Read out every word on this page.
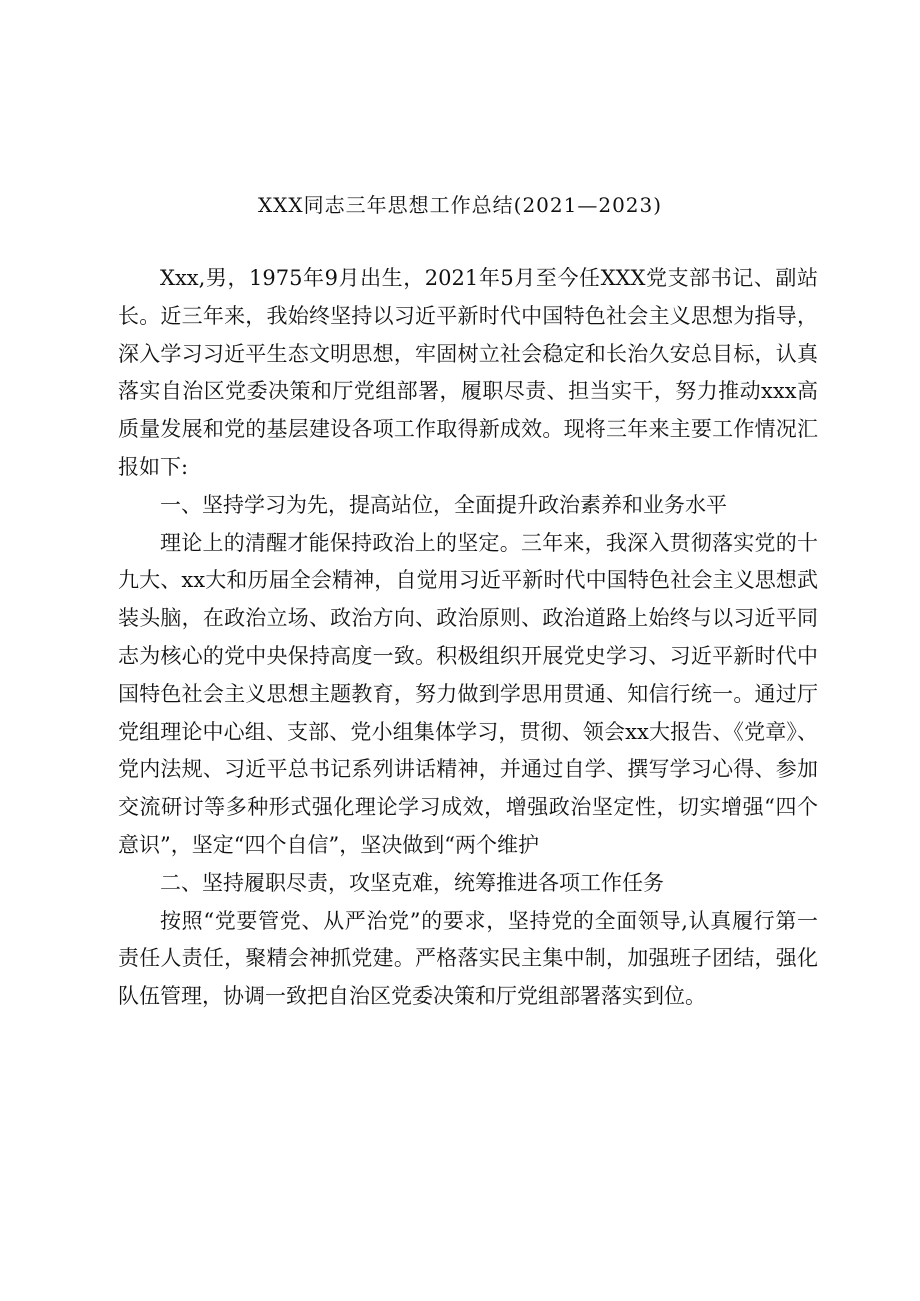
XXX同志三年思想工作总结(2021—2023)

Xxx,男，1975年9月出生，2021年5月至今任XXX党支部书记、副站长。近三年来，我始终坚持以习近平新时代中国特色社会主义思想为指导，深入学习习近平生态文明思想，牢固树立社会稳定和长治久安总目标，认真落实自治区党委决策和厅党组部署，履职尽责、担当实干，努力推动xxx高质量发展和党的基层建设各项工作取得新成效。现将三年来主要工作情况汇报如下:

一、坚持学习为先，提高站位，全面提升政治素养和业务水平

理论上的清醒才能保持政治上的坚定。三年来，我深入贯彻落实党的十九大、xx大和历届全会精神，自觉用习近平新时代中国特色社会主义思想武装头脑，在政治立场、政治方向、政治原则、政治道路上始终与以习近平同志为核心的党中央保持高度一致。积极组织开展党史学习、习近平新时代中国特色社会主义思想主题教育，努力做到学思用贯通、知信行统一。通过厅党组理论中心组、支部、党小组集体学习，贯彻、领会xx大报告、《党章》、党内法规、习近平总书记系列讲话精神，并通过自学、撰写学习心得、参加交流研讨等多种形式强化理论学习成效，增强政治坚定性，切实增强“四个意识”，坚定“四个自信”，坚决做到“两个维护

二、坚持履职尽责，攻坚克难，统筹推进各项工作任务

按照“党要管党、从严治党”的要求，坚持党的全面领导,认真履行第一责任人责任，聚精会神抓党建。严格落实民主集中制，加强班子团结，强化队伍管理，协调一致把自治区党委决策和厅党组部署落实到位。
